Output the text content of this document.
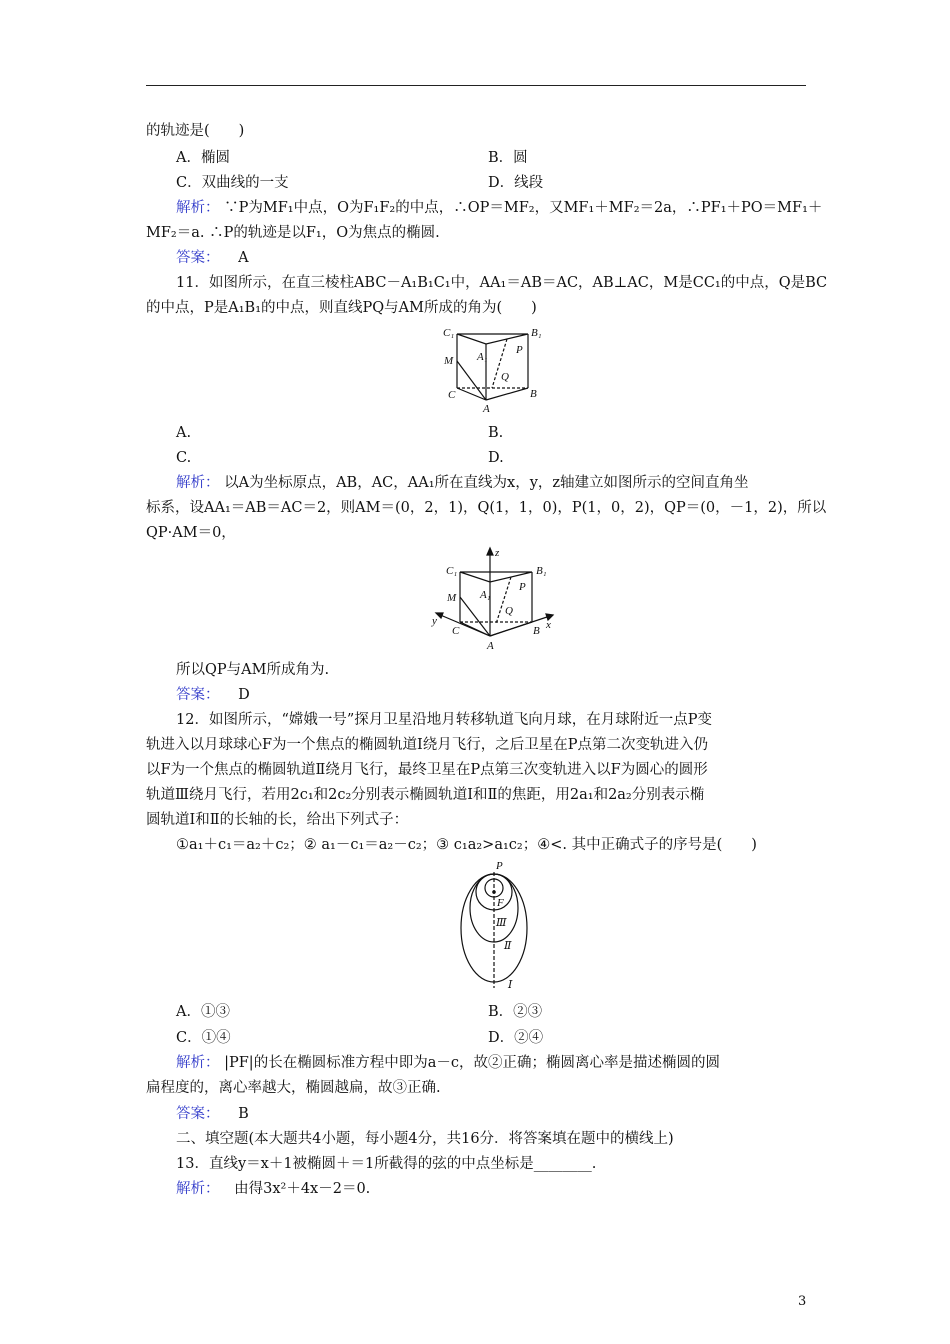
的轨迹是(　　)
A．椭圆	B．圆
C．双曲线的一支	D．线段
解析： ∵P为MF₁中点，O为F₁F₂的中点，∴OP＝MF₂，又MF₁＋MF₂＝2a，∴PF₁＋PO＝MF₁＋
MF₂＝a. ∴P的轨迹是以F₁，O为焦点的椭圆.
答案： A
11．如图所示，在直三棱柱ABC－A₁B₁C₁中，AA₁＝AB＝AC，AB⊥AC，M是CC₁的中点，Q是BC
的中点，P是A₁B₁的中点，则直线PQ与AM所成的角为(　　)
C₁	B₁
A₁
M
P
Q
C
A
B
A.	B.
C.	D.
解析： 以A为坐标原点，AB，AC，AA₁所在直线为x，y，z轴建立如图所示的空间直角坐
标系，设AA₁＝AB＝AC＝2，则AM＝(0，2，1)，Q(1，1，0)，P(1，0，2)，QP＝(0，－1，2)，所以
QP·AM＝0，
z
y	x
C₁	B₁
A₁
M
P
Q
C
A
B
所以QP与AM所成角为.
答案： D
12．如图所示，“嫦娥一号”探月卫星沿地月转移轨道飞向月球，在月球附近一点P变
轨进入以月球球心F为一个焦点的椭圆轨道Ⅰ绕月飞行，之后卫星在P点第二次变轨进入仍
以F为一个焦点的椭圆轨道Ⅱ绕月飞行，最终卫星在P点第三次变轨进入以F为圆心的圆形
轨道Ⅲ绕月飞行，若用2c₁和2c₂分别表示椭圆轨道Ⅰ和Ⅱ的焦距，用2a₁和2a₂分别表示椭
圆轨道Ⅰ和Ⅱ的长轴的长，给出下列式子：
①a₁＋c₁＝a₂＋c₂；② a₁－c₁＝a₂－c₂；③ c₁a₂>a₁c₂；④<. 其中正确式子的序号是(　　)
P
F
Ⅲ
Ⅱ
Ⅰ
A．①③	B．②③
C．①④	D．②④
解析： |PF|的长在椭圆标准方程中即为a－c，故②正确；椭圆离心率是描述椭圆的圆
扁程度的，离心率越大，椭圆越扁，故③正确.
答案： B
二、填空题(本大题共4小题，每小题4分，共16分．将答案填在题中的横线上)
13．直线y＝x＋1被椭圆＋＝1所截得的弦的中点坐标是________.
解析： 由得3x²＋4x－2＝0.
3
